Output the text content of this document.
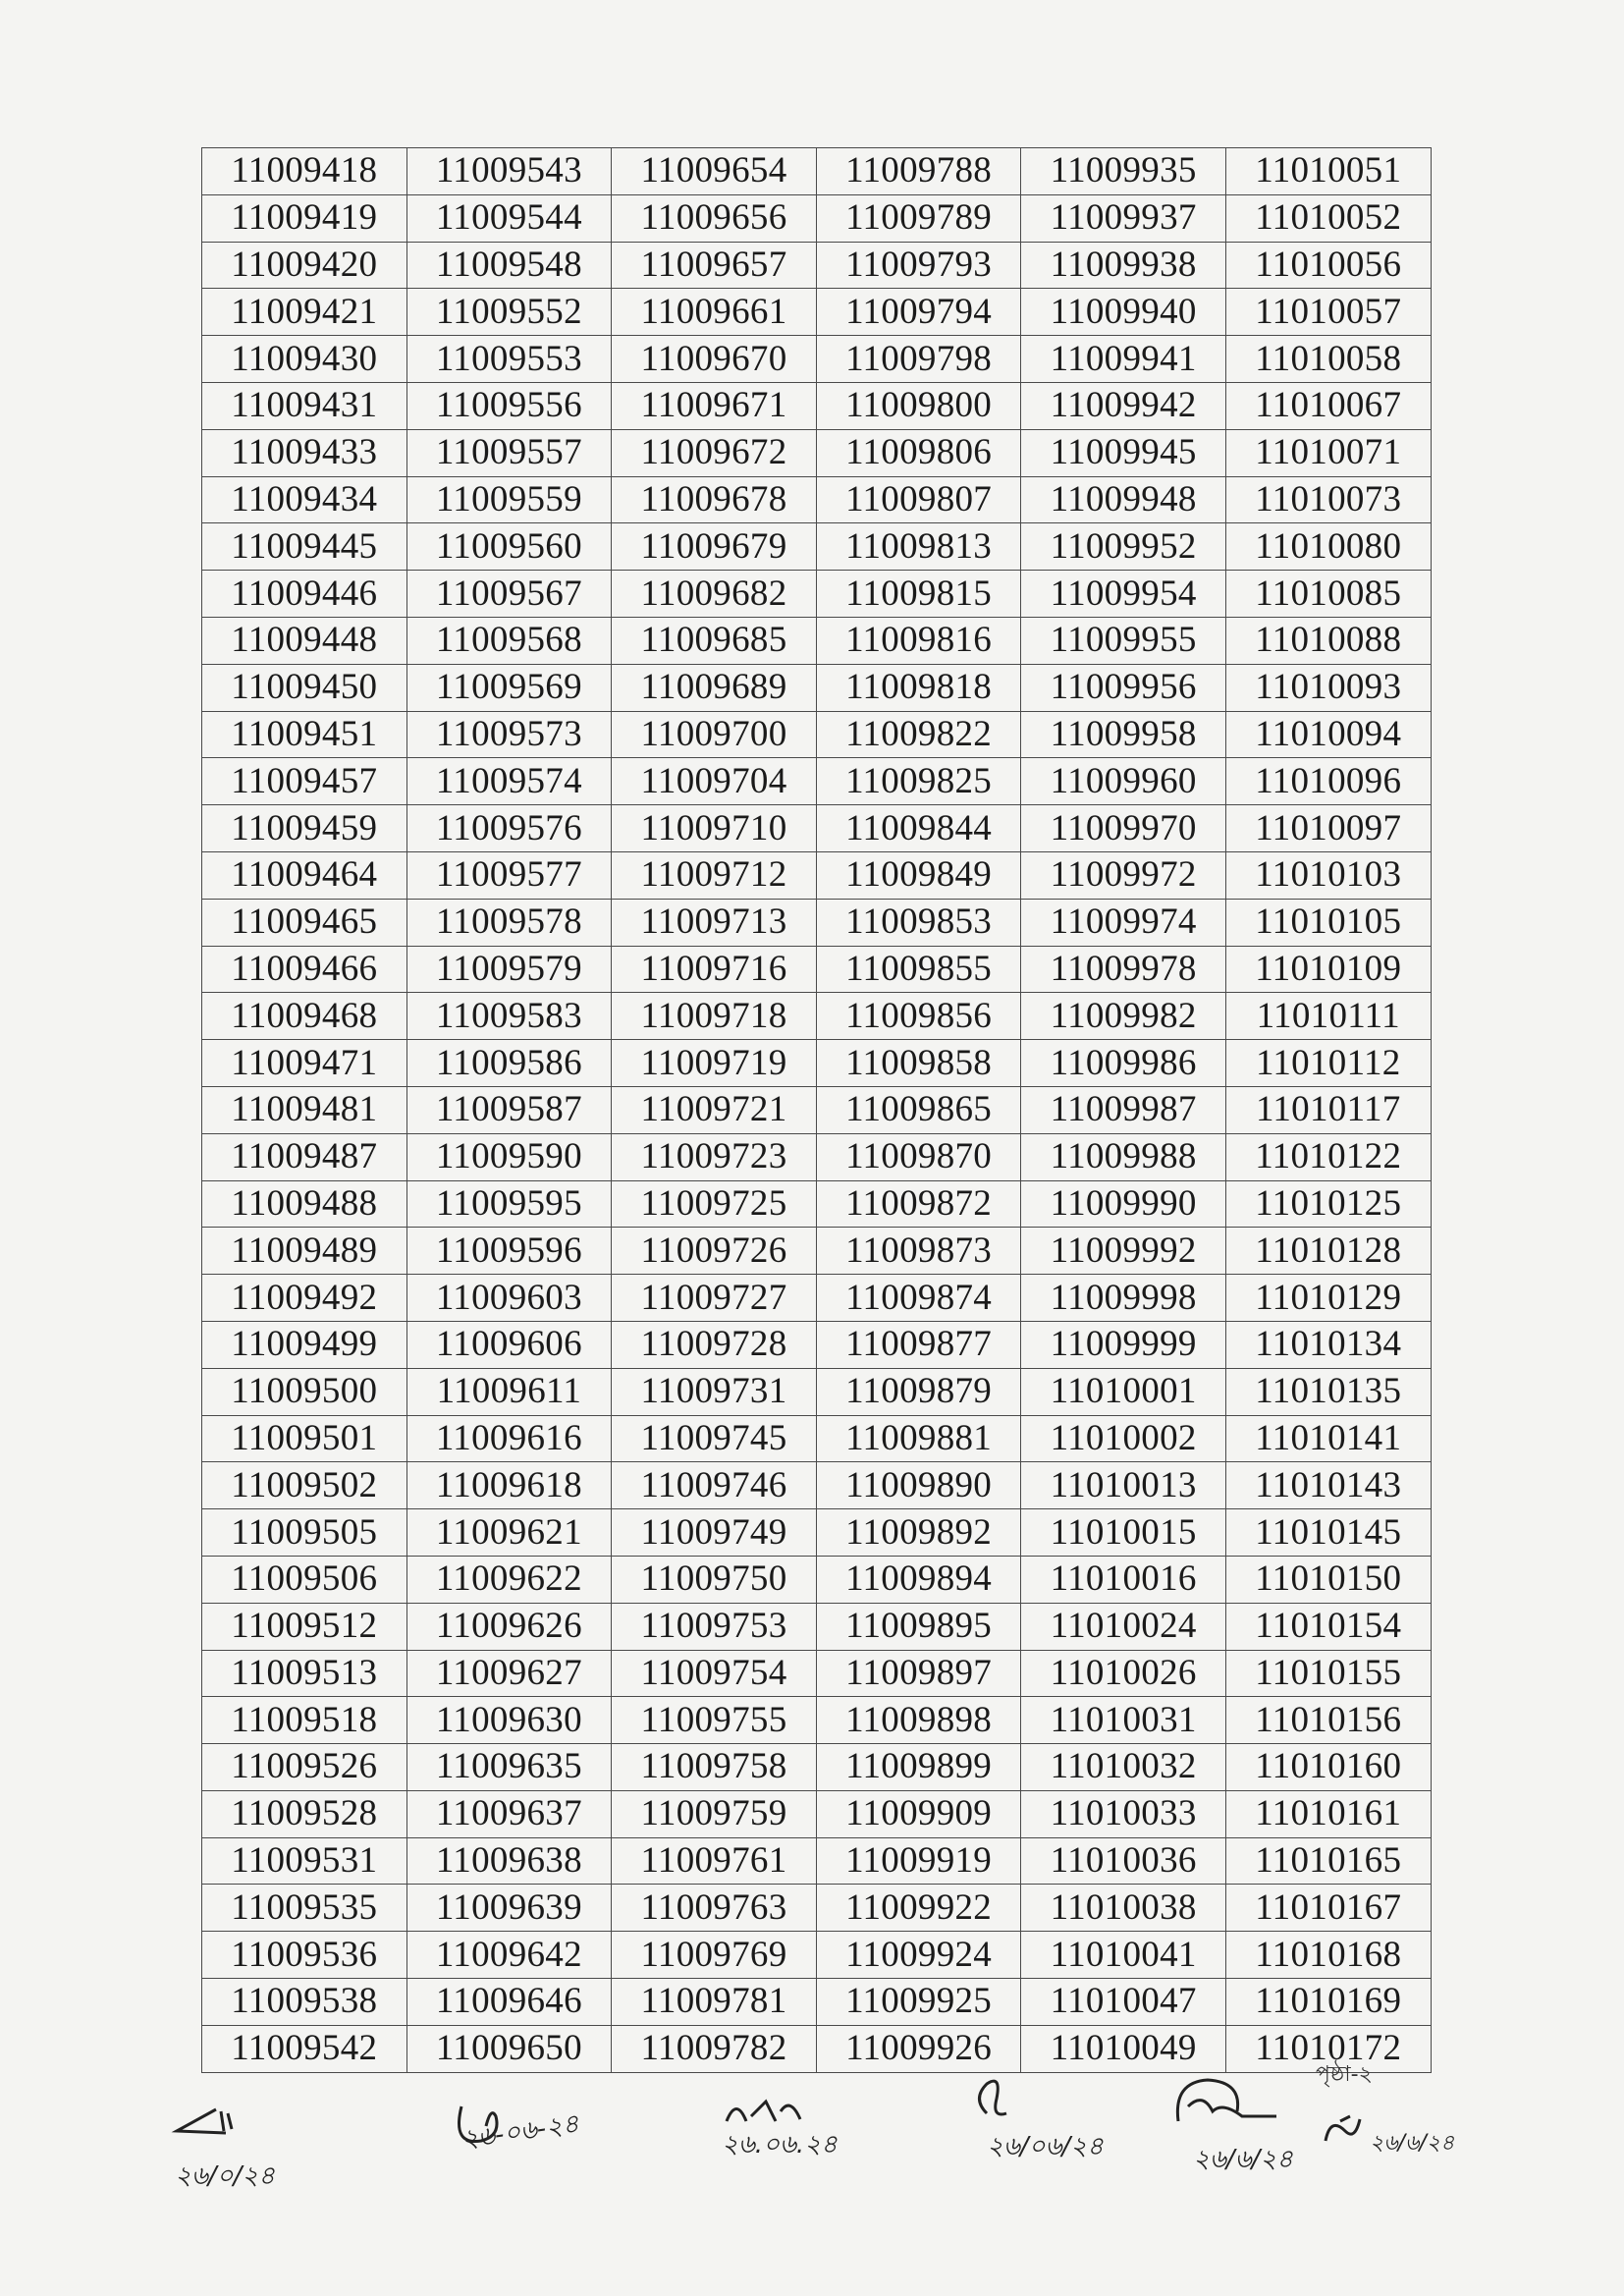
11009418	11009543	11009654	11009788	11009935	11010051
11009419	11009544	11009656	11009789	11009937	11010052
11009420	11009548	11009657	11009793	11009938	11010056
11009421	11009552	11009661	11009794	11009940	11010057
11009430	11009553	11009670	11009798	11009941	11010058
11009431	11009556	11009671	11009800	11009942	11010067
11009433	11009557	11009672	11009806	11009945	11010071
11009434	11009559	11009678	11009807	11009948	11010073
11009445	11009560	11009679	11009813	11009952	11010080
11009446	11009567	11009682	11009815	11009954	11010085
11009448	11009568	11009685	11009816	11009955	11010088
11009450	11009569	11009689	11009818	11009956	11010093
11009451	11009573	11009700	11009822	11009958	11010094
11009457	11009574	11009704	11009825	11009960	11010096
11009459	11009576	11009710	11009844	11009970	11010097
11009464	11009577	11009712	11009849	11009972	11010103
11009465	11009578	11009713	11009853	11009974	11010105
11009466	11009579	11009716	11009855	11009978	11010109
11009468	11009583	11009718	11009856	11009982	11010111
11009471	11009586	11009719	11009858	11009986	11010112
11009481	11009587	11009721	11009865	11009987	11010117
11009487	11009590	11009723	11009870	11009988	11010122
11009488	11009595	11009725	11009872	11009990	11010125
11009489	11009596	11009726	11009873	11009992	11010128
11009492	11009603	11009727	11009874	11009998	11010129
11009499	11009606	11009728	11009877	11009999	11010134
11009500	11009611	11009731	11009879	11010001	11010135
11009501	11009616	11009745	11009881	11010002	11010141
11009502	11009618	11009746	11009890	11010013	11010143
11009505	11009621	11009749	11009892	11010015	11010145
11009506	11009622	11009750	11009894	11010016	11010150
11009512	11009626	11009753	11009895	11010024	11010154
11009513	11009627	11009754	11009897	11010026	11010155
11009518	11009630	11009755	11009898	11010031	11010156
11009526	11009635	11009758	11009899	11010032	11010160
11009528	11009637	11009759	11009909	11010033	11010161
11009531	11009638	11009761	11009919	11010036	11010165
11009535	11009639	11009763	11009922	11010038	11010167
11009536	11009642	11009769	11009924	11010041	11010168
11009538	11009646	11009781	11009925	11010047	11010169
11009542	11009650	11009782	11009926	11010049	11010172
পৃষ্ঠা-২
২৬/০/২৪
২৬-০৬-২৪	২৬.০৬.২৪	২৬/০৬/২৪	২৬/৬/২৪
২৬/৬/২৪
